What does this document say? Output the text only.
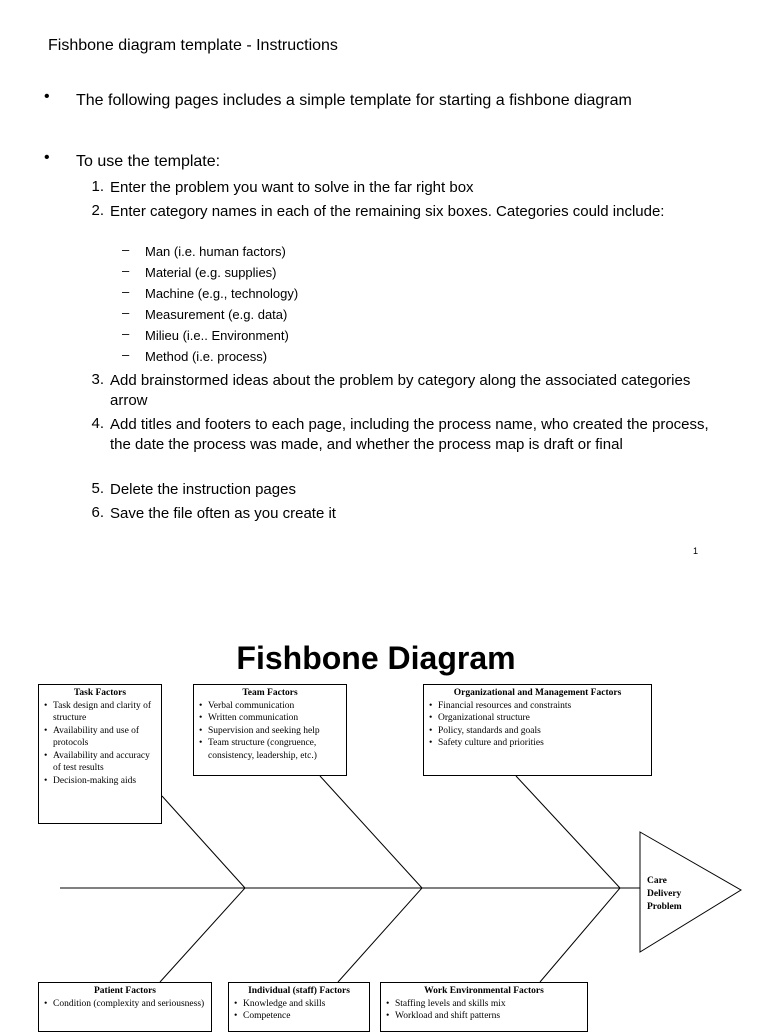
Fishbone diagram template - Instructions
• The following pages includes a simple template for starting a fishbone diagram
• To use the template:
1. Enter the problem you want to solve in the far right box
2. Enter category names in each of the remaining six boxes. Categories could include:
– Man (i.e. human factors)
– Material (e.g. supplies)
– Machine (e.g., technology)
– Measurement (e.g. data)
– Milieu (i.e.. Environment)
– Method (i.e. process)
3. Add brainstormed ideas about the problem by category along the associated categories arrow
4. Add titles and footers to each page, including the process name, who created the process, the date the process was made, and whether the process map is draft or final
5. Delete the instruction pages
6. Save the file often as you create it
1
Fishbone Diagram
Care
Delivery
Problem
Task Factors
• Task design and clarity of structure
• Availability and use of protocols
• Availability and accuracy of test results
• Decision-making aids
Team Factors
• Verbal communication
• Written communication
• Supervision and seeking help
• Team structure (congruence, consistency, leadership, etc.)
Organizational and Management Factors
• Financial resources and constraints
• Organizational structure
• Policy, standards and goals
• Safety culture and priorities
Patient Factors
• Condition (complexity and seriousness)
Individual (staff) Factors
• Knowledge and skills
• Competence
Work Environmental Factors
• Staffing levels and skills mix
• Workload and shift patterns
